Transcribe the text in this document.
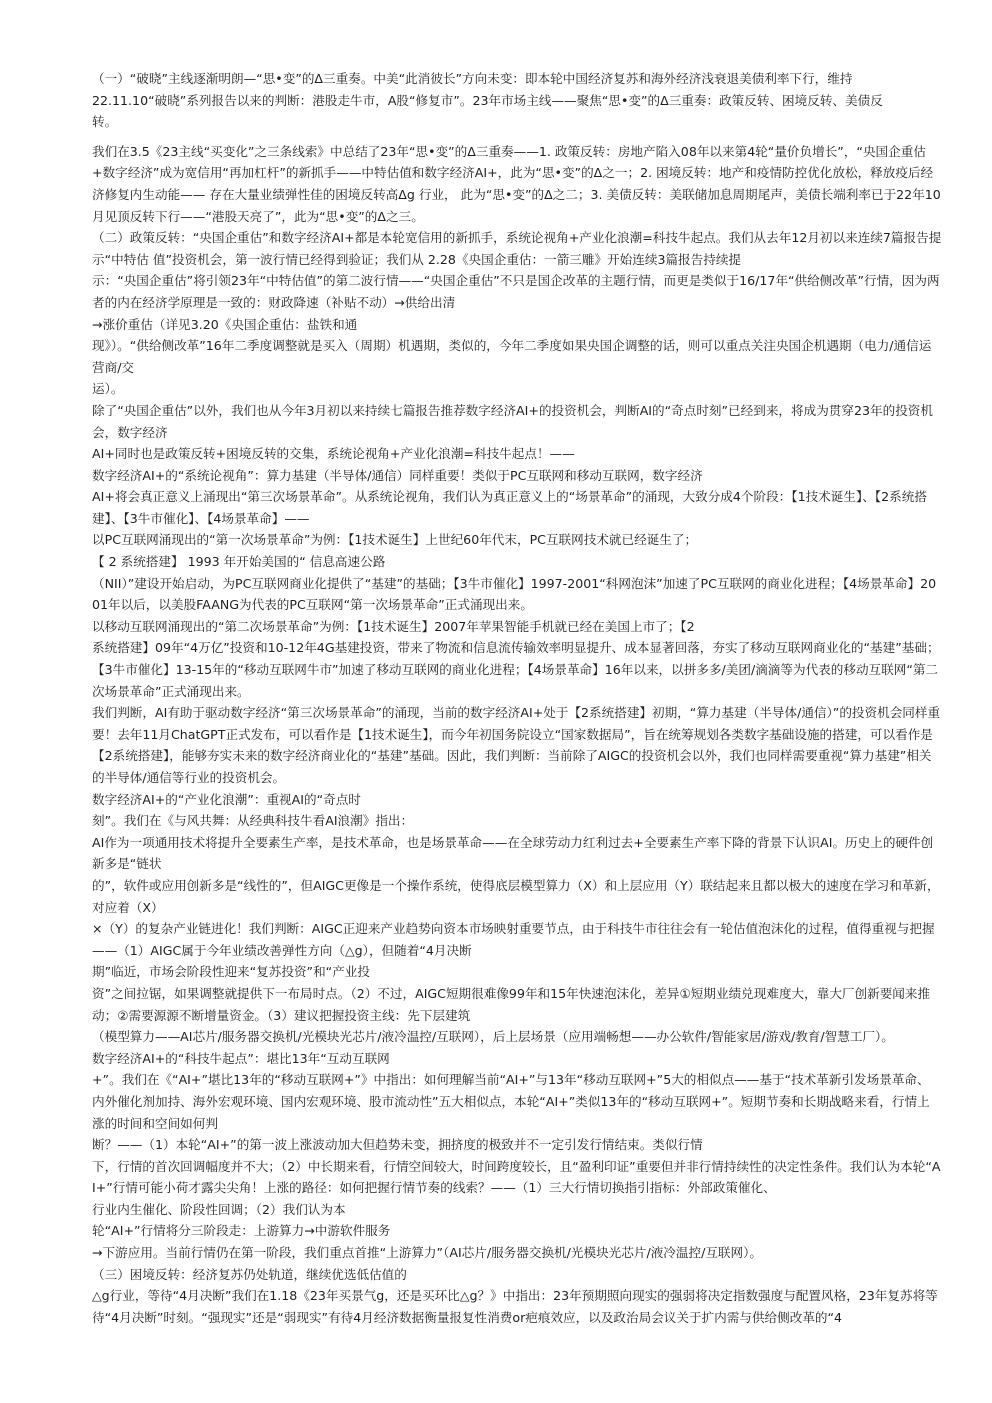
（一）“破晓”主线逐渐明朗—“思•变”的Δ三重奏。中美“此消彼长”方向未变：即本轮中国经济复苏和海外经济浅衰退美债利率下行，维持

22.11.10“破晓”系列报告以来的判断：港股走牛市，A股“修复市”。23年市场主线——聚焦“思•变”的Δ三重奏：政策反转、困境反转、美债反

转。

我们在3.5《23主线“买变化”之三条线索》中总结了23年“思•变”的Δ三重奏——1. 政策反转：房地产陷入08年以来第4轮“量价负增长”，“央国企重估

+数字经济”成为宽信用“再加杠杆”的新抓手——中特估值和数字经济AI+，此为“思•变”的Δ之一；2. 困境反转：地产和疫情防控优化放松，释放疫后经济修复内生动能—— 存在大量业绩弹性佳的困境反转高Δg 行业， 此为“思•变”的Δ之二；3. 美债反转：美联储加息周期尾声，美债长端利率已于22年10月见顶反转下行——“港股天亮了”，此为“思•变”的Δ之三。

（二）政策反转：“央国企重估”和数字经济AI+都是本轮宽信用的新抓手，系统论视角+产业化浪潮=科技牛起点。我们从去年12月初以来连续7篇报告提示“中特估 值”投资机会，第一波行情已经得到验证；我们从 2.28《央国企重估：一箭三雕》开始连续3篇报告持续提

示：“央国企重估”将引领23年“中特估值”的第二波行情——“央国企重估”不只是国企改革的主题行情，而更是类似于16/17年“供给侧改革”行情，因为两者的内在经济学原理是一致的：财政降速（补贴不动）→供给出清

→涨价重估（详见3.20《央国企重估：盐铁和通

现》）。“供给侧改革”16年二季度调整就是买入（周期）机遇期，类似的，今年二季度如果央国企调整的话，则可以重点关注央国企机遇期（电力/通信运营商/交

运）。

除了“央国企重估”以外，我们也从今年3月初以来持续七篇报告推荐数字经济AI+的投资机会，判断AI的“奇点时刻”已经到来，将成为贯穿23年的投资机会，数字经济

AI+同时也是政策反转+困境反转的交集，系统论视角+产业化浪潮=科技牛起点！——

数字经济AI+的“系统论视角”：算力基建（半导体/通信）同样重要！类似于PC互联网和移动互联网，数字经济

AI+将会真正意义上涌现出“第三次场景革命”。从系统论视角，我们认为真正意义上的“场景革命”的涌现，大致分成4个阶段：【1技术诞生】、【2系统搭建】、【3牛市催化】、【4场景革命】——

以PC互联网涌现出的“第一次场景革命”为例：【1技术诞生】上世纪60年代末，PC互联网技术就已经诞生了；

【 2 系统搭建】 1993 年开始美国的“ 信息高速公路

（NII）”建设开始启动，为PC互联网商业化提供了“基建”的基础；【3牛市催化】1997-2001“科网泡沫”加速了PC互联网的商业化进程；【4场景革命】2001年以后，以美股FAANG为代表的PC互联网“第一次场景革命”正式涌现出来。

以移动互联网涌现出的“第二次场景革命”为例：【1技术诞生】2007年苹果智能手机就已经在美国上市了；【2

系统搭建】09年“4万亿”投资和10-12年4G基建投资，带来了物流和信息流传输效率明显提升、成本显著回落，夯实了移动互联网商业化的“基建”基础；【3牛市催化】13-15年的“移动互联网牛市”加速了移动互联网的商业化进程；【4场景革命】16年以来，以拼多多/美团/滴滴等为代表的移动互联网“第二次场景革命”正式涌现出来。

我们判断，AI有助于驱动数字经济“第三次场景革命”的涌现，当前的数字经济AI+处于【2系统搭建】初期，“算力基建（半导体/通信）”的投资机会同样重要！去年11月ChatGPT正式发布，可以看作是【1技术诞生】，而今年初国务院设立“国家数据局”，旨在统筹规划各类数字基础设施的搭建，可以看作是【2系统搭建】，能够夯实未来的数字经济商业化的“基建”基础。因此，我们判断：当前除了AIGC的投资机会以外，我们也同样需要重视“算力基建”相关的半导体/通信等行业的投资机会。

数字经济AI+的“产业化浪潮”：重视AI的“奇点时

刻”。我们在《与风共舞：从经典科技牛看AI浪潮》指出：

AI作为一项通用技术将提升全要素生产率，是技术革命，也是场景革命——在全球劳动力红利过去+全要素生产率下降的背景下认识AI。历史上的硬件创新多是“链状

的”，软件或应用创新多是“线性的”，但AIGC更像是一个操作系统，使得底层模型算力（X）和上层应用（Y）联结起来且都以极大的速度在学习和革新，对应着（X）

×（Y）的复杂产业链进化！我们判断：AIGC正迎来产业趋势向资本市场映射重要节点，由于科技牛市往往会有一轮估值泡沫化的过程，值得重视与把握——（1）AIGC属于今年业绩改善弹性方向（△g），但随着“4月决断

期”临近，市场会阶段性迎来“复苏投资”和“产业投

资”之间拉锯，如果调整就提供下一布局时点。（2）不过，AIGC短期很难像99年和15年快速泡沫化，差异①短期业绩兑现难度大，靠大厂创新要闻来推动；②需要源源不断增量资金。（3）建议把握投资主线：先下层建筑

（模型算力——AI芯片/服务器交换机/光模块光芯片/液冷温控/互联网），后上层场景（应用端畅想——办公软件/智能家居/游戏/教育/智慧工厂）。

数字经济AI+的“科技牛起点”：堪比13年“互动互联网

+”。我们在《“AI+”堪比13年的“移动互联网+”》中指出：如何理解当前“AI+”与13年“移动互联网+”5大的相似点——基于“技术革新引发场景革命、内外催化剂加持、海外宏观环境、国内宏观环境、股市流动性”五大相似点，本轮“AI+”类似13年的“移动互联网+”。短期节奏和长期战略来看，行情上涨的时间和空间如何判

断？——（1）本轮“AI+”的第一波上涨波动加大但趋势未变，拥挤度的极致并不一定引发行情结束。类似行情

下，行情的首次回调幅度并不大；（2）中长期来看，行情空间较大，时间跨度较长，且“盈利印证”重要但并非行情持续性的决定性条件。我们认为本轮“AI+”行情可能小荷才露尖尖角！上涨的路径：如何把握行情节奏的线索？——（1）三大行情切换指引指标：外部政策催化、

行业内生催化、阶段性回调；（2）我们认为本

轮“AI+”行情将分三阶段走：上游算力→中游软件服务

→下游应用。当前行情仍在第一阶段，我们重点首推“上游算力”（AI芯片/服务器交换机/光模块光芯片/液冷温控/互联网）。

（三）困境反转：经济复苏仍处轨道，继续优选低估值的

△g行业，等待“4月决断”我们在1.18《23年买景气g，还是买环比△g？》中指出：23年预期照向现实的强弱将决定指数强度与配置风格，23年复苏将等待“4月决断”时刻。“强现实”还是“弱现实”有待4月经济数据衡量报复性消费or疤痕效应，以及政治局会议关于扩内需与供给侧改革的“4
